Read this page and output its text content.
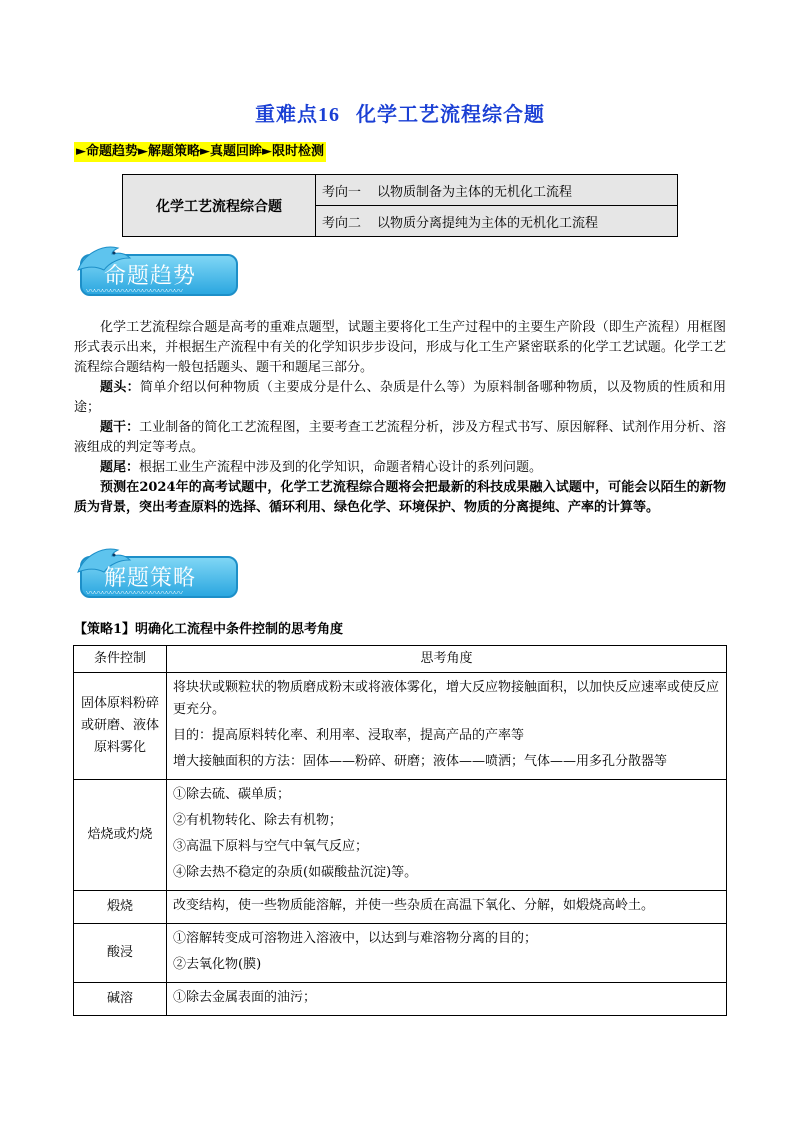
重难点16 化学工艺流程综合题
►命题趋势►解题策略►真题回眸►限时检测
化学工艺流程综合题	考向一 以物质制备为主体的无机化工流程
考向二 以物质分离提纯为主体的无机化工流程
命题趋势
〰〰〰〰〰〰〰〰〰〰〰〰

化学工艺流程综合题是高考的重难点题型，试题主要将化工生产过程中的主要生产阶段（即生产流程）用框图形式表示出来，并根据生产流程中有关的化学知识步步设问，形成与化工生产紧密联系的化学工艺试题。化学工艺流程综合题结构一般包括题头、题干和题尾三部分。

题头：简单介绍以何种物质（主要成分是什么、杂质是什么等）为原料制备哪种物质，以及物质的性质和用途；

题干：工业制备的简化工艺流程图，主要考查工艺流程分析，涉及方程式书写、原因解释、试剂作用分析、溶液组成的判定等考点。

题尾：根据工业生产流程中涉及到的化学知识，命题者精心设计的系列问题。

预测在2024年的高考试题中，化学工艺流程综合题将会把最新的科技成果融入试题中，可能会以陌生的新物质为背景，突出考查原料的选择、循环利用、绿色化学、环境保护、物质的分离提纯、产率的计算等。

解题策略
〰〰〰〰〰〰〰〰〰〰〰〰
【策略1】明确化工流程中条件控制的思考角度
条件控制	思考角度
固体原料粉碎或研磨、液体原料雾化	将块状或颗粒状的物质磨成粉末或将液体雾化，增大反应物接触面积，以加快反应速率或使反应更充分。
目的：提高原料转化率、利用率、浸取率，提高产品的产率等
增大接触面积的方法：固体——粉碎、研磨；液体——喷洒；气体——用多孔分散器等

焙烧或灼烧	①除去硫、碳单质；
②有机物转化、除去有机物；
③高温下原料与空气中氧气反应；
④除去热不稳定的杂质(如碳酸盐沉淀)等。

煅烧	改变结构，使一些物质能溶解，并使一些杂质在高温下氧化、分解，如煅烧高岭土。

酸浸	①溶解转变成可溶物进入溶液中，以达到与难溶物分离的目的；
②去氧化物(膜)

碱溶	①除去金属表面的油污；
